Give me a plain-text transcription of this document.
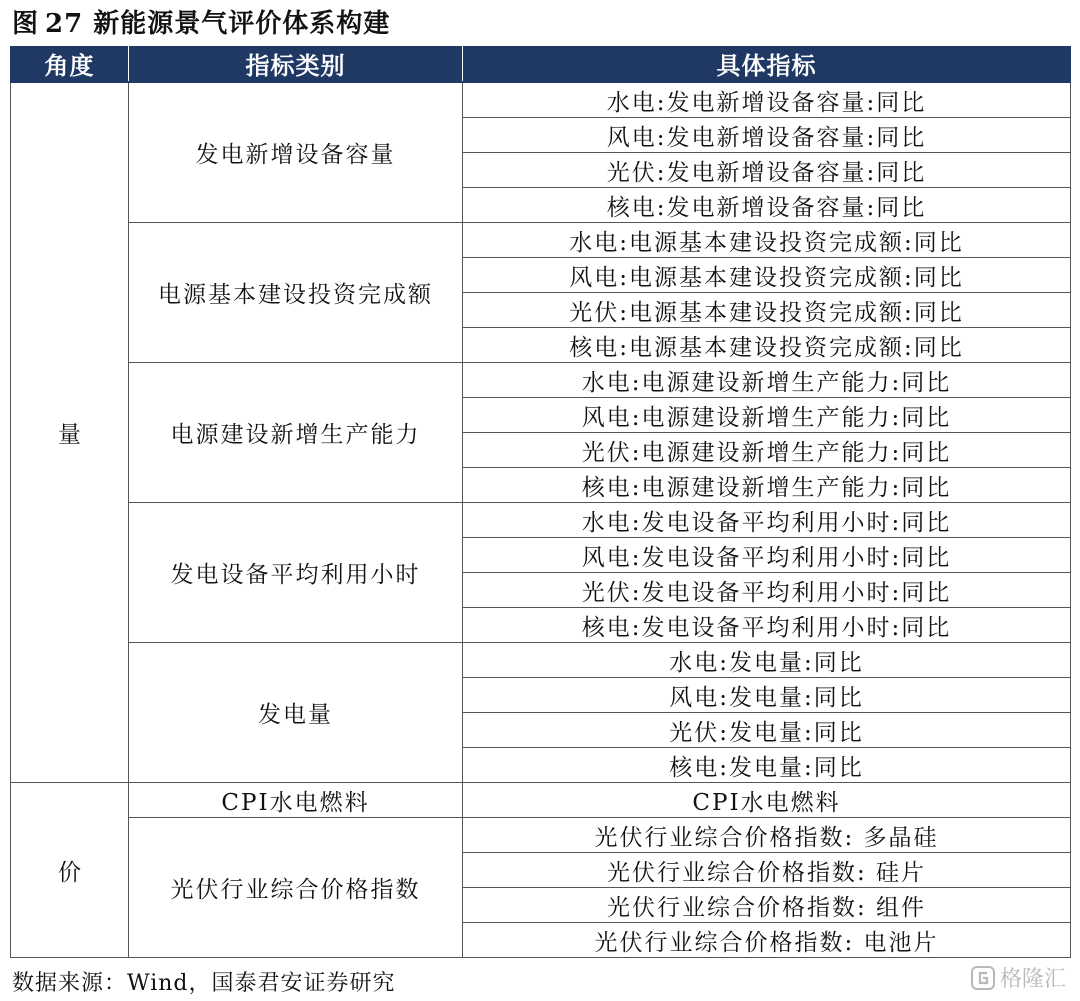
图 27 新能源景气评价体系构建
角度	指标类别	具体指标
量	发电新增设备容量	水电:发电新增设备容量:同比
		风电:发电新增设备容量:同比
		光伏:发电新增设备容量:同比
		核电:发电新增设备容量:同比
	电源基本建设投资完成额	水电:电源基本建设投资完成额:同比
		风电:电源基本建设投资完成额:同比
		光伏:电源基本建设投资完成额:同比
		核电:电源基本建设投资完成额:同比
	电源建设新增生产能力	水电:电源建设新增生产能力:同比
		风电:电源建设新增生产能力:同比
		光伏:电源建设新增生产能力:同比
		核电:电源建设新增生产能力:同比
	发电设备平均利用小时	水电:发电设备平均利用小时:同比
		风电:发电设备平均利用小时:同比
		光伏:发电设备平均利用小时:同比
		核电:发电设备平均利用小时:同比
	发电量	水电:发电量:同比
		风电:发电量:同比
		光伏:发电量:同比
		核电:发电量:同比
价	CPI水电燃料	CPI水电燃料
	光伏行业综合价格指数	光伏行业综合价格指数: 多晶硅
		光伏行业综合价格指数: 硅片
		光伏行业综合价格指数: 组件
		光伏行业综合价格指数: 电池片
数据来源：Wind，国泰君安证券研究	格隆汇
